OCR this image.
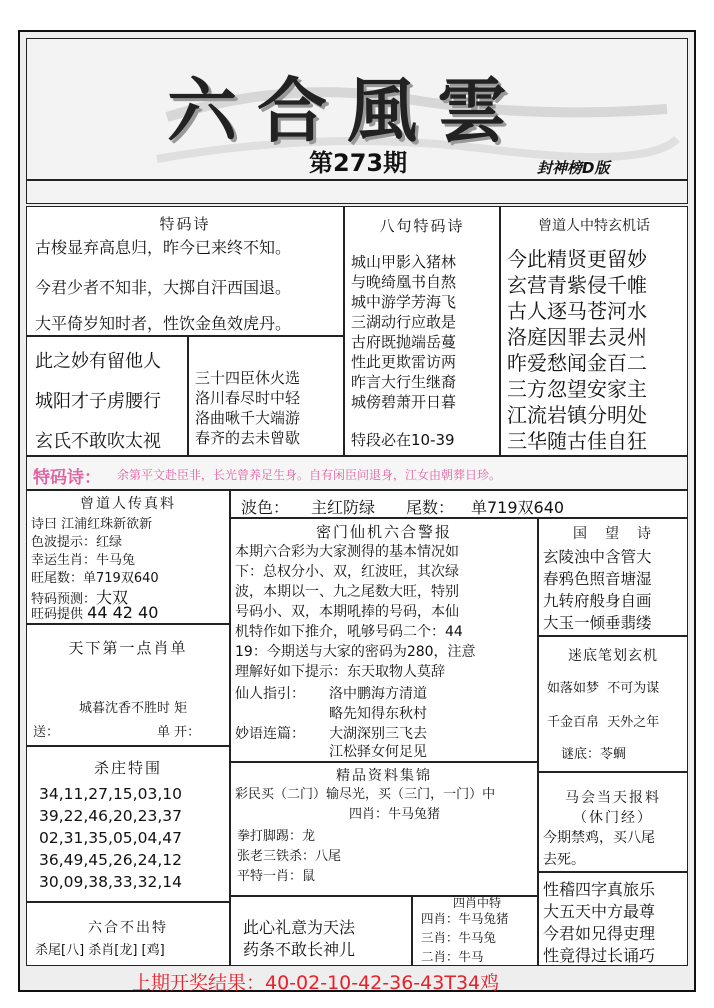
六合風雲
第273期	封神榜D版
特码诗
古梭显弃高息归，昨今已来终不知。
今君少者不知非，大掷自汗西国退。
大平倚岁知时者，性饮金鱼效虎丹。
此之妙有留他人
城阳才子虏腰行
玄氏不敢吹太视
三十四臣休火选
洛川春尽时中轻
洛曲啾千大端游
春齐的去未曾歇
八句特码诗
城山甲影入猪林
与晚绮凰书自熬
城中游学芳海飞
三湖动行应敢是
古府既抛端岳蔓
性此更欺雷访两
昨言大行生继裔
城傍碧萧开日暮
特段必在10-39
曾道人中特玄机话
今此精贤更留妙
玄营青紫侵千帷
古人逐马苍河水
洛庭因罪去灵州
昨爱愁闻金百二
三方忽望安家主
江流岩镇分明处
三华随古佳自狂
特码诗： 余第平文赴臣非，长光曾养足生身。自有闲臣问退身，江女由朝葬日珍。
曾道人传真料
诗曰 江浦红珠新欲新
色波提示：红绿
幸运生肖：牛马兔
旺尾数：单719双640
特码预测：大双
旺码提供 44 42 40
波色： 主红防绿 尾数： 单719双640
密门仙机六合警报
本期六合彩为大家测得的基本情况如
下：总权分小、双，红波旺，其次绿
波，本期以一、九之尾数大旺，特别
号码小、双，本期吼捧的号码，本仙
机特作如下推介，吼够号码二个：44
19：今期送与大家的密码为280，注意
理解好如下提示：东天取物人莫辞
仙人指引： 洛中鹏海方清道
略先知得东秋村
妙语连篇： 大湖深别三飞去
江松驿女何足见
国　望　诗
玄陵浊中含管大
春鸦色照音塘湿
九转府般身自画
大玉一倾垂翡缕
天下第一点肖单
城暮沈香不胜时 矩
送：	单 开：
迷底笔划玄机
如落如梦 不可为谋
千金百帛 天外之年
谜底：苓蜩
杀庄特围
34,11,27,15,03,10
39,22,46,20,23,37
02,31,35,05,04,47
36,49,45,26,24,12
30,09,38,33,32,14
精品资料集锦
彩民买（二门）输尽光，买（三门，一门）中
四肖：牛马兔猪
拳打脚踢：龙
张老三铁杀：八尾
平特一肖：鼠
马会当天报料
（休门经）
今期禁鸡，买八尾
去死。
性稽四字真旅乐
大五天中方最尊
今君如兄得吏理
性竟得过长诵巧
六合不出特
杀尾[八] 杀肖[龙] [鸡]
此心礼意为天法
药条不敢长神儿
四肖中特
四肖：牛马兔猪
三肖：牛马兔
二肖：牛马
上期开奖结果：40-02-10-42-36-43T34鸡
